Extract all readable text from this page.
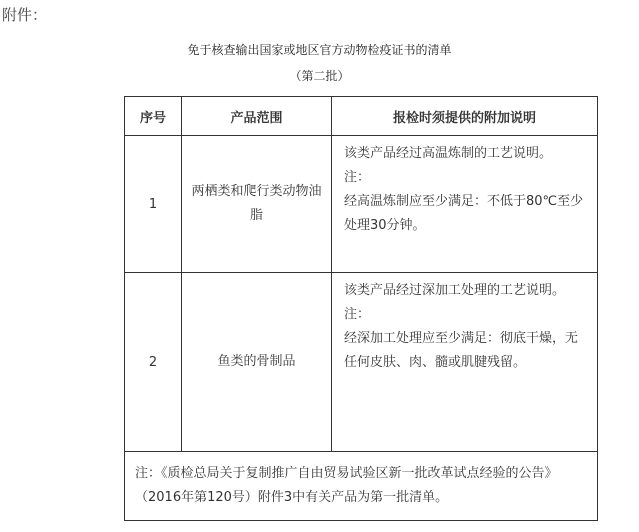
附件：
免于核查输出国家或地区官方动物检疫证书的清单
（第二批）
序号	产品范围	报检时须提供的附加说明
1	两栖类和爬行类动物油脂	该类产品经过高温炼制的工艺说明。
注：
经高温炼制应至少满足：不低于80℃至少处理30分钟。

2	鱼类的骨制品	该类产品经过深加工处理的工艺说明。
注：
经深加工处理应至少满足：彻底干燥，无任何皮肤、肉、髓或肌腱残留。

注：《质检总局关于复制推广自由贸易试验区新一批改革试点经验的公告》（2016年第120号）附件3中有关产品为第一批清单。		
